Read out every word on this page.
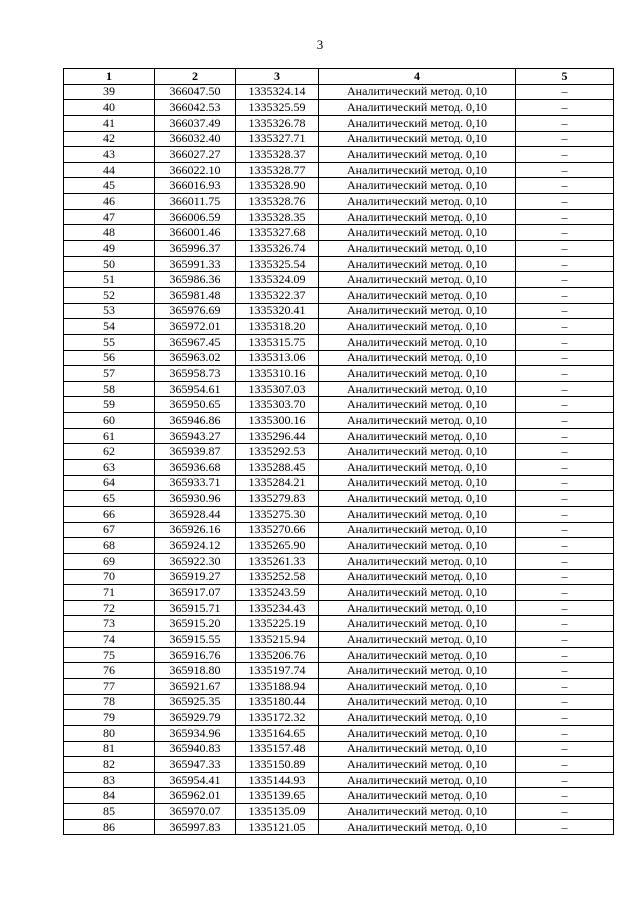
3
1	2	3	4	5
39	366047.50	1335324.14	Аналитический метод. 0,10	–
40	366042.53	1335325.59	Аналитический метод. 0,10	–
41	366037.49	1335326.78	Аналитический метод. 0,10	–
42	366032.40	1335327.71	Аналитический метод. 0,10	–
43	366027.27	1335328.37	Аналитический метод. 0,10	–
44	366022.10	1335328.77	Аналитический метод. 0,10	–
45	366016.93	1335328.90	Аналитический метод. 0,10	–
46	366011.75	1335328.76	Аналитический метод. 0,10	–
47	366006.59	1335328.35	Аналитический метод. 0,10	–
48	366001.46	1335327.68	Аналитический метод. 0,10	–
49	365996.37	1335326.74	Аналитический метод. 0,10	–
50	365991.33	1335325.54	Аналитический метод. 0,10	–
51	365986.36	1335324.09	Аналитический метод. 0,10	–
52	365981.48	1335322.37	Аналитический метод. 0,10	–
53	365976.69	1335320.41	Аналитический метод. 0,10	–
54	365972.01	1335318.20	Аналитический метод. 0,10	–
55	365967.45	1335315.75	Аналитический метод. 0,10	–
56	365963.02	1335313.06	Аналитический метод. 0,10	–
57	365958.73	1335310.16	Аналитический метод. 0,10	–
58	365954.61	1335307.03	Аналитический метод. 0,10	–
59	365950.65	1335303.70	Аналитический метод. 0,10	–
60	365946.86	1335300.16	Аналитический метод. 0,10	–
61	365943.27	1335296.44	Аналитический метод. 0,10	–
62	365939.87	1335292.53	Аналитический метод. 0,10	–
63	365936.68	1335288.45	Аналитический метод. 0,10	–
64	365933.71	1335284.21	Аналитический метод. 0,10	–
65	365930.96	1335279.83	Аналитический метод. 0,10	–
66	365928.44	1335275.30	Аналитический метод. 0,10	–
67	365926.16	1335270.66	Аналитический метод. 0,10	–
68	365924.12	1335265.90	Аналитический метод. 0,10	–
69	365922.30	1335261.33	Аналитический метод. 0,10	–
70	365919.27	1335252.58	Аналитический метод. 0,10	–
71	365917.07	1335243.59	Аналитический метод. 0,10	–
72	365915.71	1335234.43	Аналитический метод. 0,10	–
73	365915.20	1335225.19	Аналитический метод. 0,10	–
74	365915.55	1335215.94	Аналитический метод. 0,10	–
75	365916.76	1335206.76	Аналитический метод. 0,10	–
76	365918.80	1335197.74	Аналитический метод. 0,10	–
77	365921.67	1335188.94	Аналитический метод. 0,10	–
78	365925.35	1335180.44	Аналитический метод. 0,10	–
79	365929.79	1335172.32	Аналитический метод. 0,10	–
80	365934.96	1335164.65	Аналитический метод. 0,10	–
81	365940.83	1335157.48	Аналитический метод. 0,10	–
82	365947.33	1335150.89	Аналитический метод. 0,10	–
83	365954.41	1335144.93	Аналитический метод. 0,10	–
84	365962.01	1335139.65	Аналитический метод. 0,10	–
85	365970.07	1335135.09	Аналитический метод. 0,10	–
86	365997.83	1335121.05	Аналитический метод. 0,10	–
